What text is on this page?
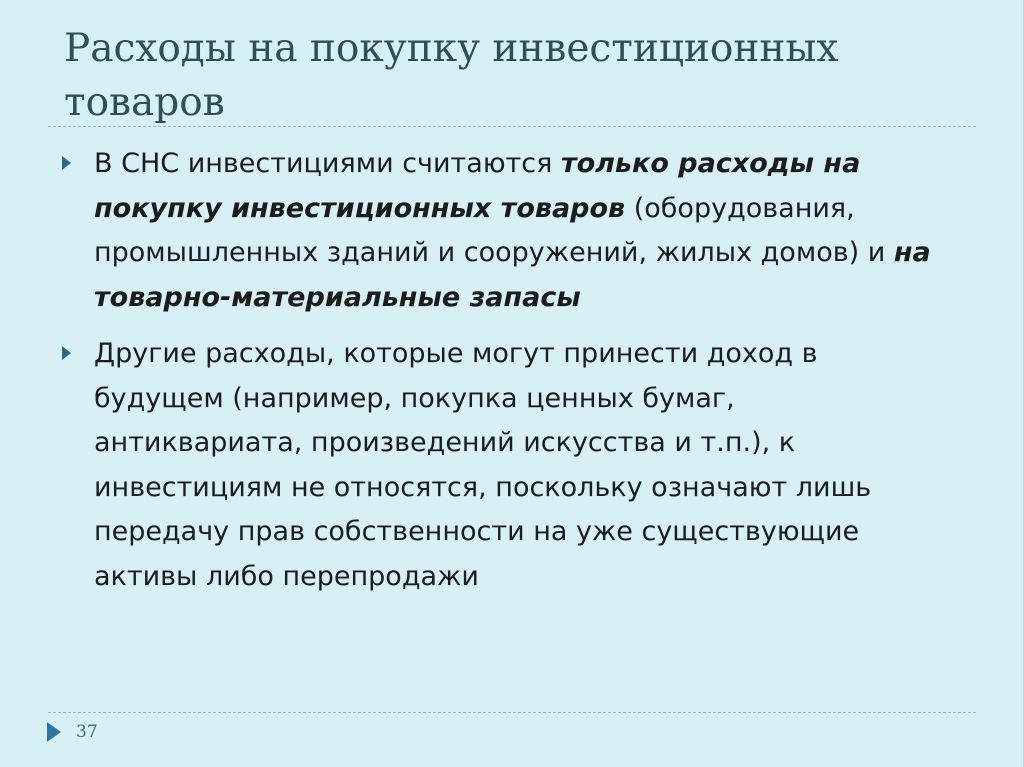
Расходы на покупку инвестиционных товаров
В СНС инвестициями считаются только расходы на покупку инвестиционных товаров (оборудования, промышленных зданий и сооружений, жилых домов) и на товарно-материальные запасы
Другие расходы, которые могут принести доход в будущем (например, покупка ценных бумаг, антиквариата, произведений искусства и т.п.), к инвестициям не относятся, поскольку означают лишь передачу прав собственности на уже существующие активы либо перепродажи
37
